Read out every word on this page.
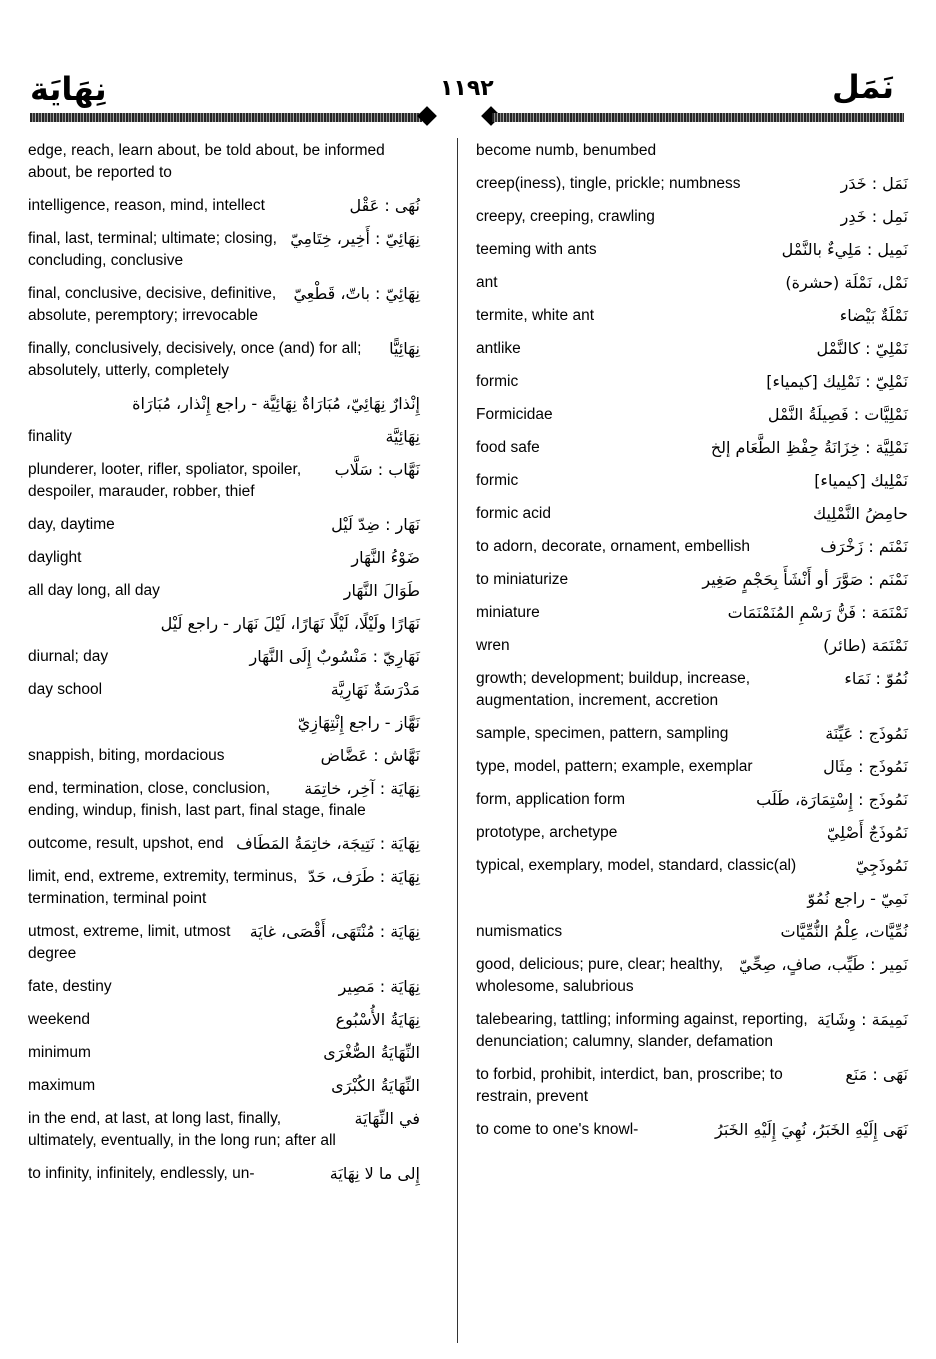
نِهَايَة	١١٩٢	نَمَل
edge, reach, learn about, be told about, be informed about, be reported to
نُهَى : عَقْل
intelligence, reason, mind, intellect
نِهَائِيّ : أَخِير، خِتَامِيّ
final, last, terminal; ultimate; closing, concluding, conclusive
نِهَائِيّ : باتّ، قَطْعِيّ
final, conclusive, decisive, definitive, absolute, peremptory; irrevocable
نِهَائِيًّا
finally, conclusively, decisively, once (and) for all; absolutely, utterly, completely
إِنْذارٌ نِهَائِيّ، مُبَارَاةٌ نِهَائِيَّة - راجع إِنْذار، مُبَارَاة
نِهَائِيَّة
finality
نَهَّاب : سَلَّاب
plunderer, looter, rifler, spoliator, spoiler, despoiler, marauder, robber, thief
نَهَار : ضِدّ لَيْل
day, daytime
ضَوْءُ النَّهَار
daylight
طَوَالَ النَّهَار
all day long, all day
نَهَارًا ولَيْلًا، لَيْلًا نَهَارًا، لَيْلَ نَهَار - راجع لَيْل
نَهَارِيّ : مَنْسُوبٌ إِلَى النَّهَار
diurnal; day
مَدْرَسَةٌ نَهَارِيَّة
day school
نَهَّاز - راجع إِنْتِهَازِيّ
نَهَّاش : عَضَّاض
snappish, biting, mordacious
نِهَايَة : آخِر، خاتِمَة
end, termination, close, conclusion, ending, windup, finish, last part, final stage, finale
نِهَايَة : نَتِيجَة، خاتِمَةُ المَطَاف
outcome, result, upshot, end
نِهَايَة : طَرَف، حَدّ
limit, end, extreme, extremity, terminus, termination, terminal point
نِهَايَة : مُنْتَهَى، أَقْصَى، غايَة
utmost, extreme, limit, utmost degree
نِهَايَة : مَصِير
fate, destiny
نِهَايَةُ الأُسْبُوع
weekend
النِّهَايَةُ الصُّغْرَى
minimum
النِّهَايَةُ الكُبْرَى
maximum
في النِّهَايَة
in the end, at last, at long last, finally, ultimately, eventually, in the long run; after all
إِلى ما لا نِهَايَة
to infinity, infinitely, endlessly, un-
become numb, benumbed
نَمَل : خَدَر
creep(iness), tingle, prickle; numbness
نَمِل : خَدِر
creepy, creeping, crawling
نَمِيل : مَلِيءٌ بالنَّمْل
teeming with ants
نَمْل، نَمْلَة (حشرة)
ant
نَمْلَةٌ بَيْضاء
termite, white ant
نَمْلِيّ : كالنَّمْل
antlike
نَمْلِيّ : نَمْلِيك [كيمياء]
formic
نَمْلِيَّات : فَصِيلَةُ النَّمْل
Formicidae
نَمْلِيَّة : خِزَانَةُ حِفْظِ الطَّعَام إلخ
food safe
نَمْلِيك [كيمياء]
formic
حامِضُ النَّمْلِيك
formic acid
نَمْنَم : زَخْرَف
to adorn, decorate, ornament, embellish
نَمْنَم : صَوَّرَ أو أَنْشَأَ بِحَجْمٍ صَغِير
to miniaturize
نَمْنَمَة : فَنُّ رَسْمِ المُنَمْنَمَات
miniature
نَمْنَمَة (طائر)
wren
نُمُوّ : نَمَاء
growth; development; buildup, increase, augmentation, increment, accretion
نَمُوذَج : عَيِّنَة
sample, specimen, pattern, sampling
نَمُوذَج : مِثَال
type, model, pattern; example, exemplar
نَمُوذَج : إِسْتِمَارَة، طَلَب
form, application form
نَمُوذَجٌ أَصْلِيّ
prototype, archetype
نَمُوذَجِيّ
typical, exemplary, model, standard, classic(al)
نَمِيّ - راجع نُمُوّ
نُمِّيَّات، عِلْمُ النُّمِّيَّات
numismatics
نَمِير : طَيِّب، صافٍ، صِحِّيّ
good, delicious; pure, clear; healthy, wholesome, salubrious
نَمِيمَة : وِشَايَة
talebearing, tattling; informing against, reporting, denunciation; calumny, slander, defamation
نَهَى : مَنَع
to forbid, prohibit, interdict, ban, proscribe; to restrain, prevent
نَهَى إِلَيْهِ الخَبَرُ، نُهِيَ إِلَيْهِ الخَبَرُ
to come to one's knowl-
